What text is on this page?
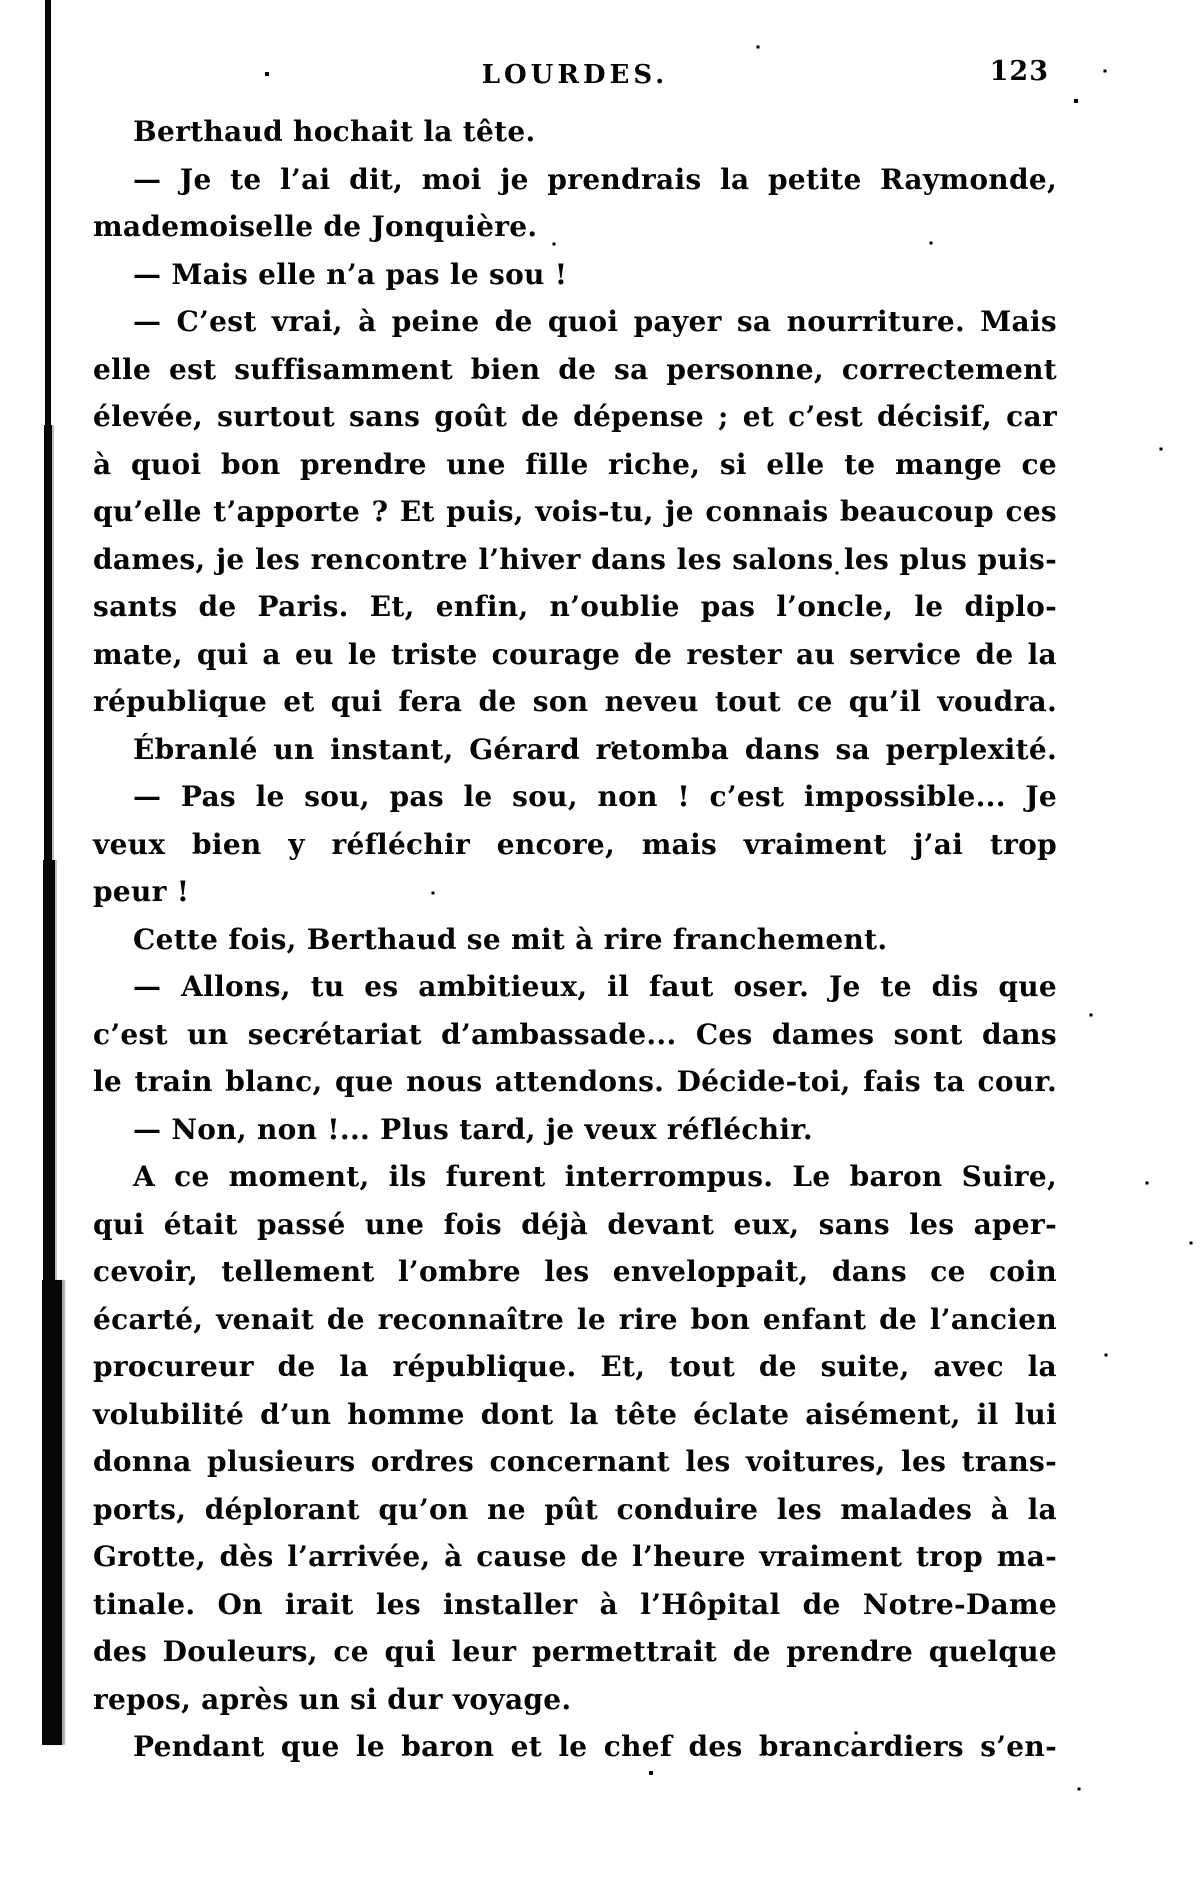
LOURDES.	123
Berthaud hochait la tête.
— Je te l’ai dit, moi je prendrais la petite Raymonde,
mademoiselle de Jonquière.
— Mais elle n’a pas le sou !
— C’est vrai, à peine de quoi payer sa nourriture. Mais
elle est suffisamment bien de sa personne, correctement
élevée, surtout sans goût de dépense ; et c’est décisif, car
à quoi bon prendre une fille riche, si elle te mange ce
qu’elle t’apporte ? Et puis, vois-tu, je connais beaucoup ces
dames, je les rencontre l’hiver dans les salons les plus puis-
sants de Paris. Et, enfin, n’oublie pas l’oncle, le diplo-
mate, qui a eu le triste courage de rester au service de la
république et qui fera de son neveu tout ce qu’il voudra.
Ébranlé un instant, Gérard retomba dans sa perplexité.
— Pas le sou, pas le sou, non ! c’est impossible... Je
veux bien y réfléchir encore, mais vraiment j’ai trop
peur !
Cette fois, Berthaud se mit à rire franchement.
— Allons, tu es ambitieux, il faut oser. Je te dis que
c’est un secrétariat d’ambassade... Ces dames sont dans
le train blanc, que nous attendons. Décide-toi, fais ta cour.
— Non, non !... Plus tard, je veux réfléchir.
A ce moment, ils furent interrompus. Le baron Suire,
qui était passé une fois déjà devant eux, sans les aper-
cevoir, tellement l’ombre les enveloppait, dans ce coin
écarté, venait de reconnaître le rire bon enfant de l’ancien
procureur de la république. Et, tout de suite, avec la
volubilité d’un homme dont la tête éclate aisément, il lui
donna plusieurs ordres concernant les voitures, les trans-
ports, déplorant qu’on ne pût conduire les malades à la
Grotte, dès l’arrivée, à cause de l’heure vraiment trop ma-
tinale. On irait les installer à l’Hôpital de Notre-Dame
des Douleurs, ce qui leur permettrait de prendre quelque
repos, après un si dur voyage.
Pendant que le baron et le chef des brancardiers s’en-
